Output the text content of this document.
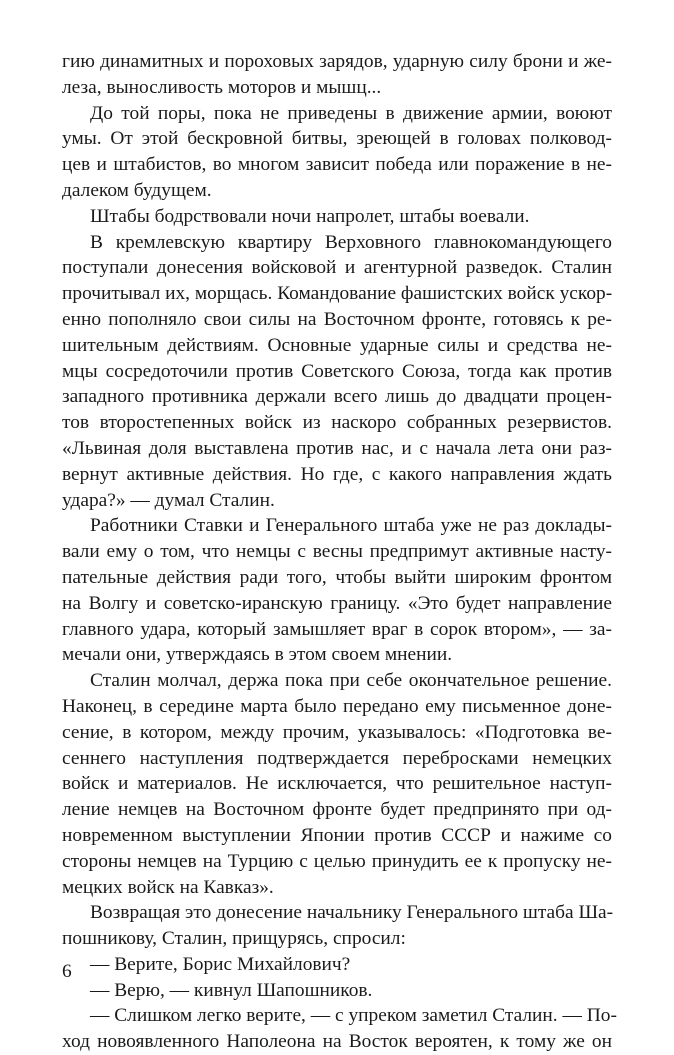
гию динамитных и пороховых зарядов, ударную силу брони и же-
леза, выносливость моторов и мышц...
До той поры, пока не приведены в движение армии, воюют
умы. От этой бескровной битвы, зреющей в головах полковод-
цев и штабистов, во многом зависит победа или поражение в не-
далеком будущем.
Штабы бодрствовали ночи напролет, штабы воевали.
В кремлевскую квартиру Верховного главнокомандующего
поступали донесения войсковой и агентурной разведок. Сталин
прочитывал их, морщась. Командование фашистских войск ускор-
енно пополняло свои силы на Восточном фронте, готовясь к ре-
шительным действиям. Основные ударные силы и средства не-
мцы сосредоточили против Советского Союза, тогда как против
западного противника держали всего лишь до двадцати процен-
тов второстепенных войск из наскоро собранных резервистов.
«Львиная доля выставлена против нас, и с начала лета они раз-
вернут активные действия. Но где, с какого направления ждать
удара?» — думал Сталин.
Работники Ставки и Генерального штаба уже не раз доклады-
вали ему о том, что немцы с весны предпримут активные насту-
пательные действия ради того, чтобы выйти широким фронтом
на Волгу и советско-иранскую границу. «Это будет направление
главного удара, который замышляет враг в сорок втором», — за-
мечали они, утверждаясь в этом своем мнении.
Сталин молчал, держа пока при себе окончательное решение.
Наконец, в середине марта было передано ему письменное доне-
сение, в котором, между прочим, указывалось: «Подготовка ве-
сеннего наступления подтверждается перебросками немецких
войск и материалов. Не исключается, что решительное наступ-
ление немцев на Восточном фронте будет предпринято при од-
новременном выступлении Японии против СССР и нажиме со
стороны немцев на Турцию с целью принудить ее к пропуску не-
мецких войск на Кавказ».
Возвращая это донесение начальнику Генерального штаба Ша-
пошникову, Сталин, прищурясь, спросил:
— Верите, Борис Михайлович?
— Верю, — кивнул Шапошников.
— Слишком легко верите, — с упреком заметил Сталин. — По-
ход новоявленного Наполеона на Восток вероятен, к тому же он
6
